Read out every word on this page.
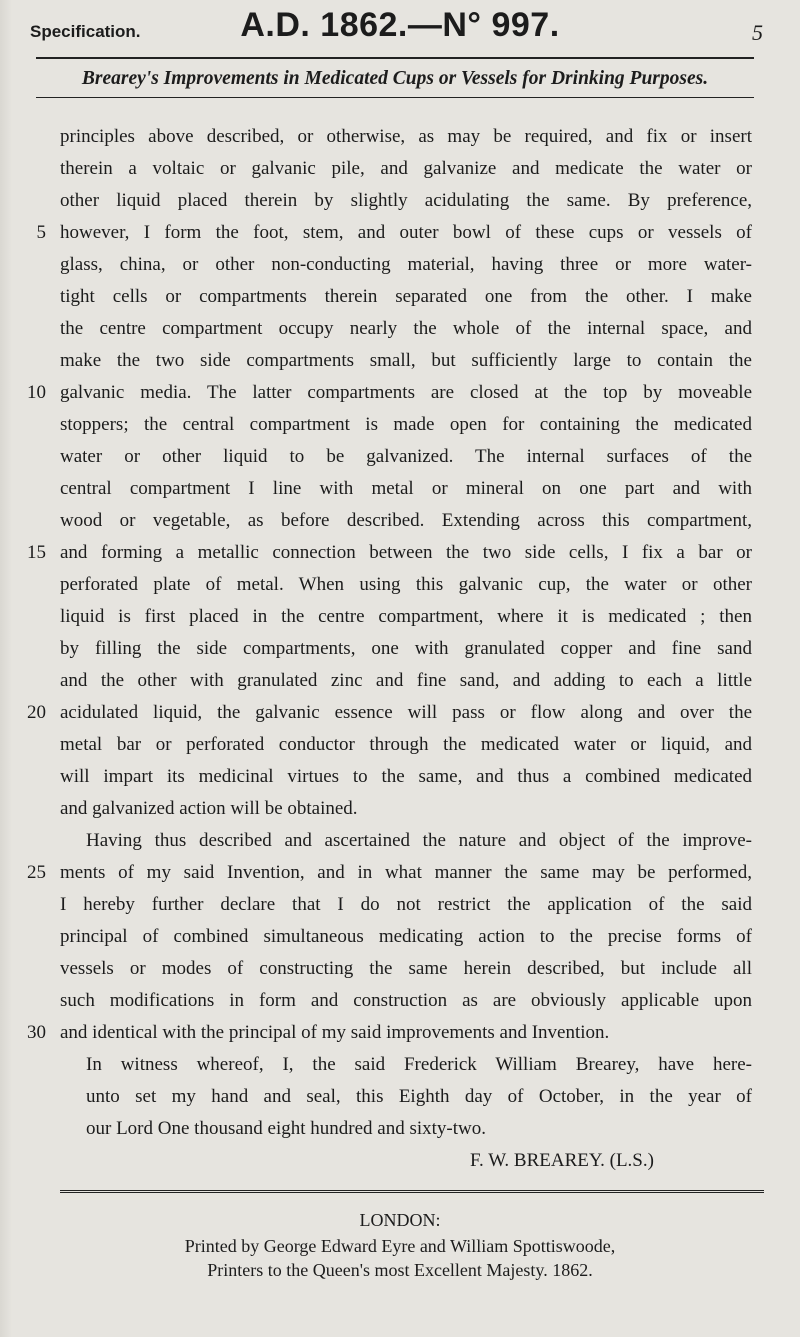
Specification.	A.D. 1862.—N° 997.	5
Brearey's Improvements in Medicated Cups or Vessels for Drinking Purposes.
principles above described, or otherwise, as may be required, and fix or insert
therein a voltaic or galvanic pile, and galvanize and medicate the water or
other liquid placed therein by slightly acidulating the same. By preference,
however, I form the foot, stem, and outer bowl of these cups or vessels of
glass, china, or other non-conducting material, having three or more water-
tight cells or compartments therein separated one from the other. I make
the centre compartment occupy nearly the whole of the internal space, and
make the two side compartments small, but sufficiently large to contain the
galvanic media. The latter compartments are closed at the top by moveable
stoppers; the central compartment is made open for containing the medicated
water or other liquid to be galvanized. The internal surfaces of the
central compartment I line with metal or mineral on one part and with
wood or vegetable, as before described. Extending across this compartment,
and forming a metallic connection between the two side cells, I fix a bar or
perforated plate of metal. When using this galvanic cup, the water or other
liquid is first placed in the centre compartment, where it is medicated ; then
by filling the side compartments, one with granulated copper and fine sand
and the other with granulated zinc and fine sand, and adding to each a little
acidulated liquid, the galvanic essence will pass or flow along and over the
metal bar or perforated conductor through the medicated water or liquid, and
will impart its medicinal virtues to the same, and thus a combined medicated
and galvanized action will be obtained.
Having thus described and ascertained the nature and object of the improve-
ments of my said Invention, and in what manner the same may be performed,
I hereby further declare that I do not restrict the application of the said
principal of combined simultaneous medicating action to the precise forms of
vessels or modes of constructing the same herein described, but include all
such modifications in form and construction as are obviously applicable upon
and identical with the principal of my said improvements and Invention.
5
10
15
20
25
30
In witness whereof, I, the said Frederick William Brearey, have here-
unto set my hand and seal, this Eighth day of October, in the year of
our Lord One thousand eight hundred and sixty-two.
F. W. BREAREY. (L.S.)
LONDON:
Printed by George Edward Eyre and William Spottiswoode,
Printers to the Queen's most Excellent Majesty. 1862.
